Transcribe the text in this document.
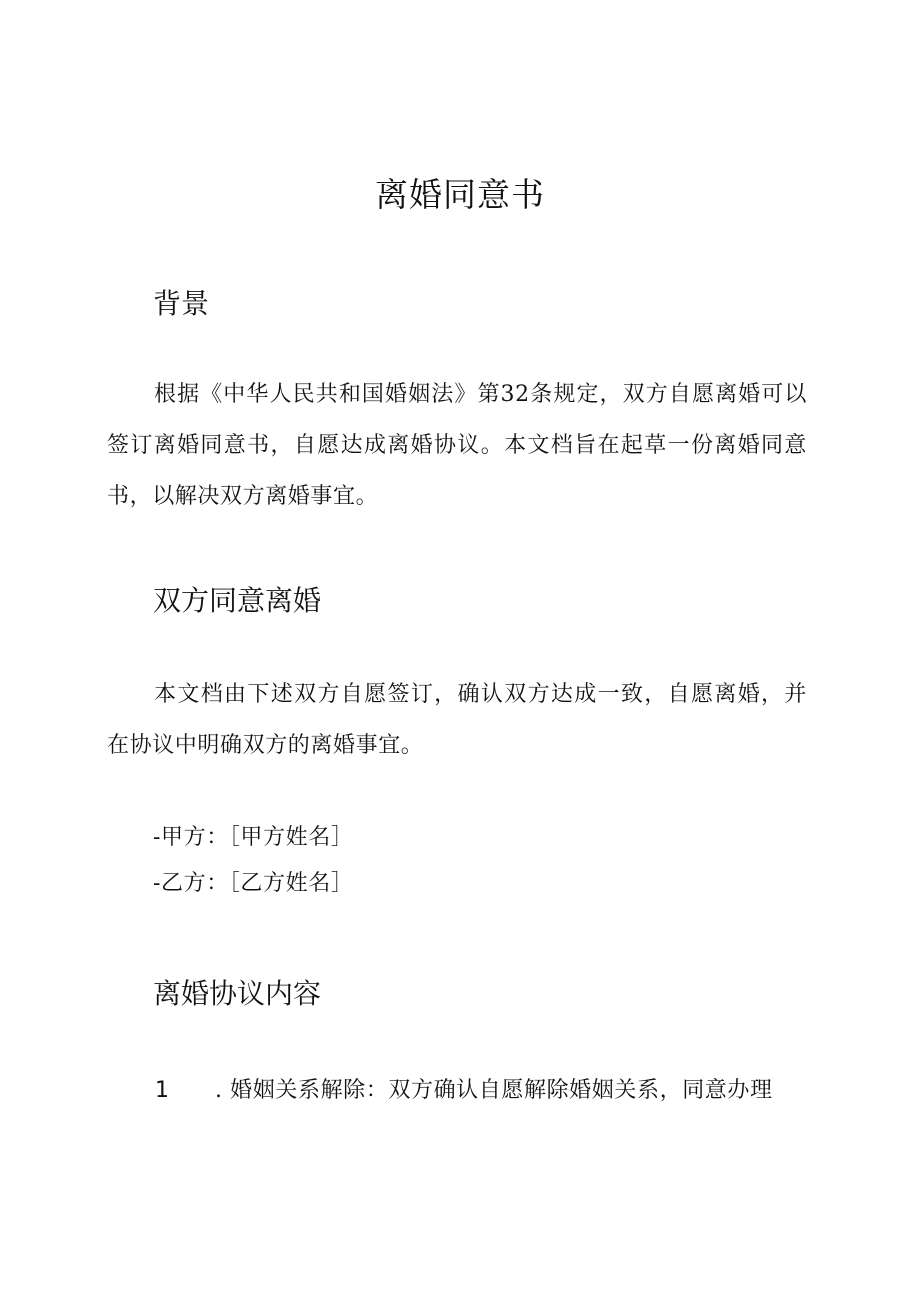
离婚同意书
背景

根据《中华人民共和国婚姻法》第32条规定，双方自愿离婚可以签订离婚同意书，自愿达成离婚协议。本文档旨在起草一份离婚同意书，以解决双方离婚事宜。

双方同意离婚

本文档由下述双方自愿签订，确认双方达成一致，自愿离婚，并在协议中明确双方的离婚事宜。

-甲方：［甲方姓名］

-乙方：［乙方姓名］

离婚协议内容
1 . 婚姻关系解除：双方确认自愿解除婚姻关系，同意办理
